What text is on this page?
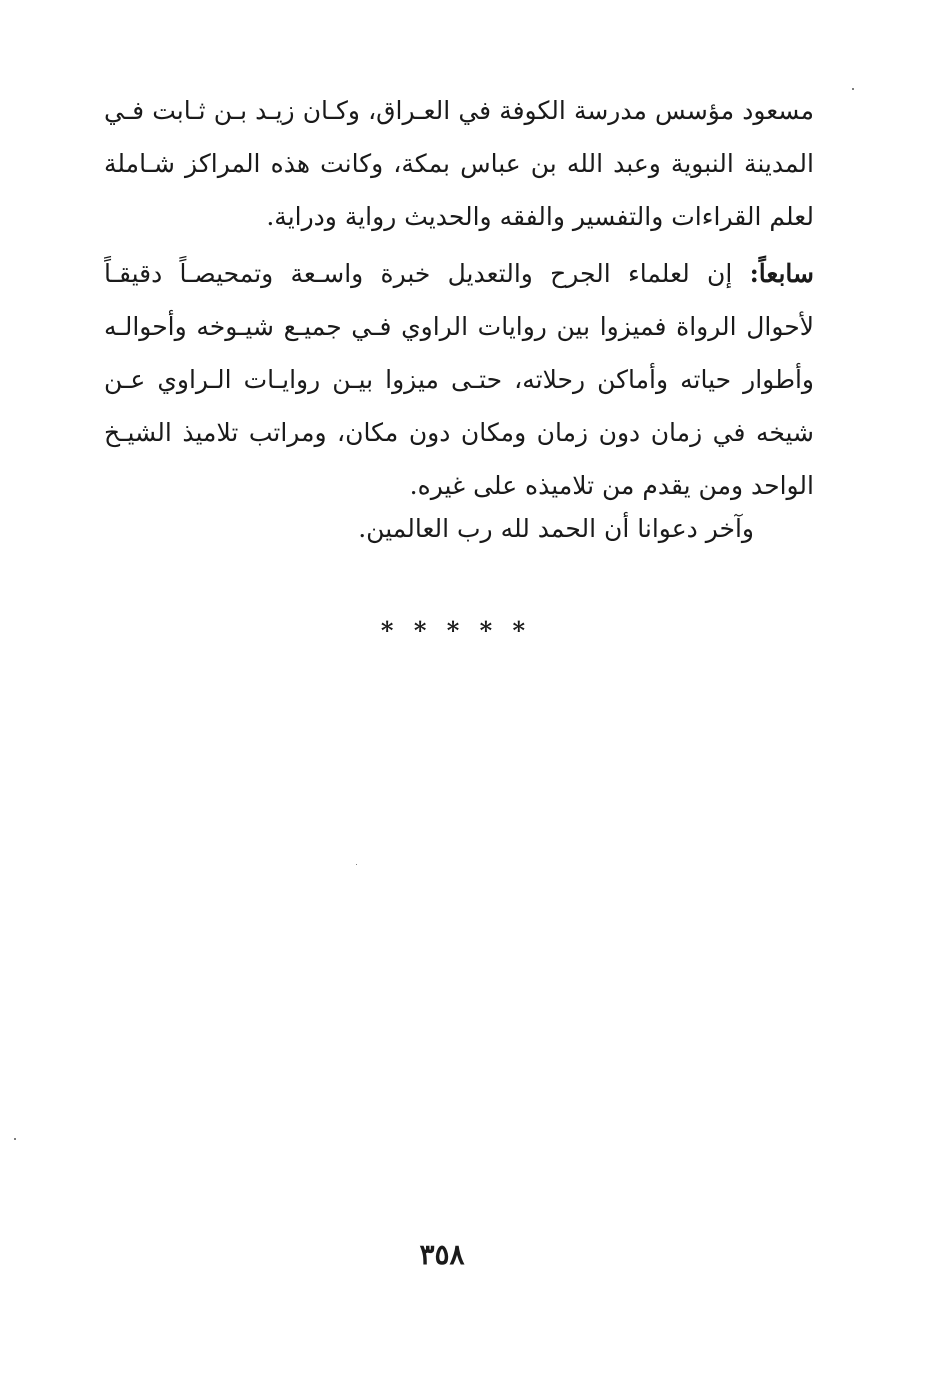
مسعود مؤسس مدرسة الكوفة في العـراق، وكـان زيـد بـن ثـابت فـي
المدينة النبوية وعبد الله بن عباس بمكة، وكانت هذه المراكز شـاملة
لعلم القراءات والتفسير والفقه والحديث رواية ودراية.
سابعاً: إن لعلماء الجرح والتعديل خبرة واسـعة وتمحيصـاً دقيقـاً
لأحوال الرواة فميزوا بين روايات الراوي فـي جميـع شيـوخه وأحوالـه
وأطوار حياته وأماكن رحلاته، حتـى ميزوا بيـن روايـات الـراوي عـن
شيخه في زمان دون زمان ومكان دون مكان، ومراتب تلاميذ الشيـخ
الواحد ومن يقدم من تلاميذه على غيره.
وآخر دعوانا أن الحمد لله رب العالمين.
* * * * *
٣٥٨
